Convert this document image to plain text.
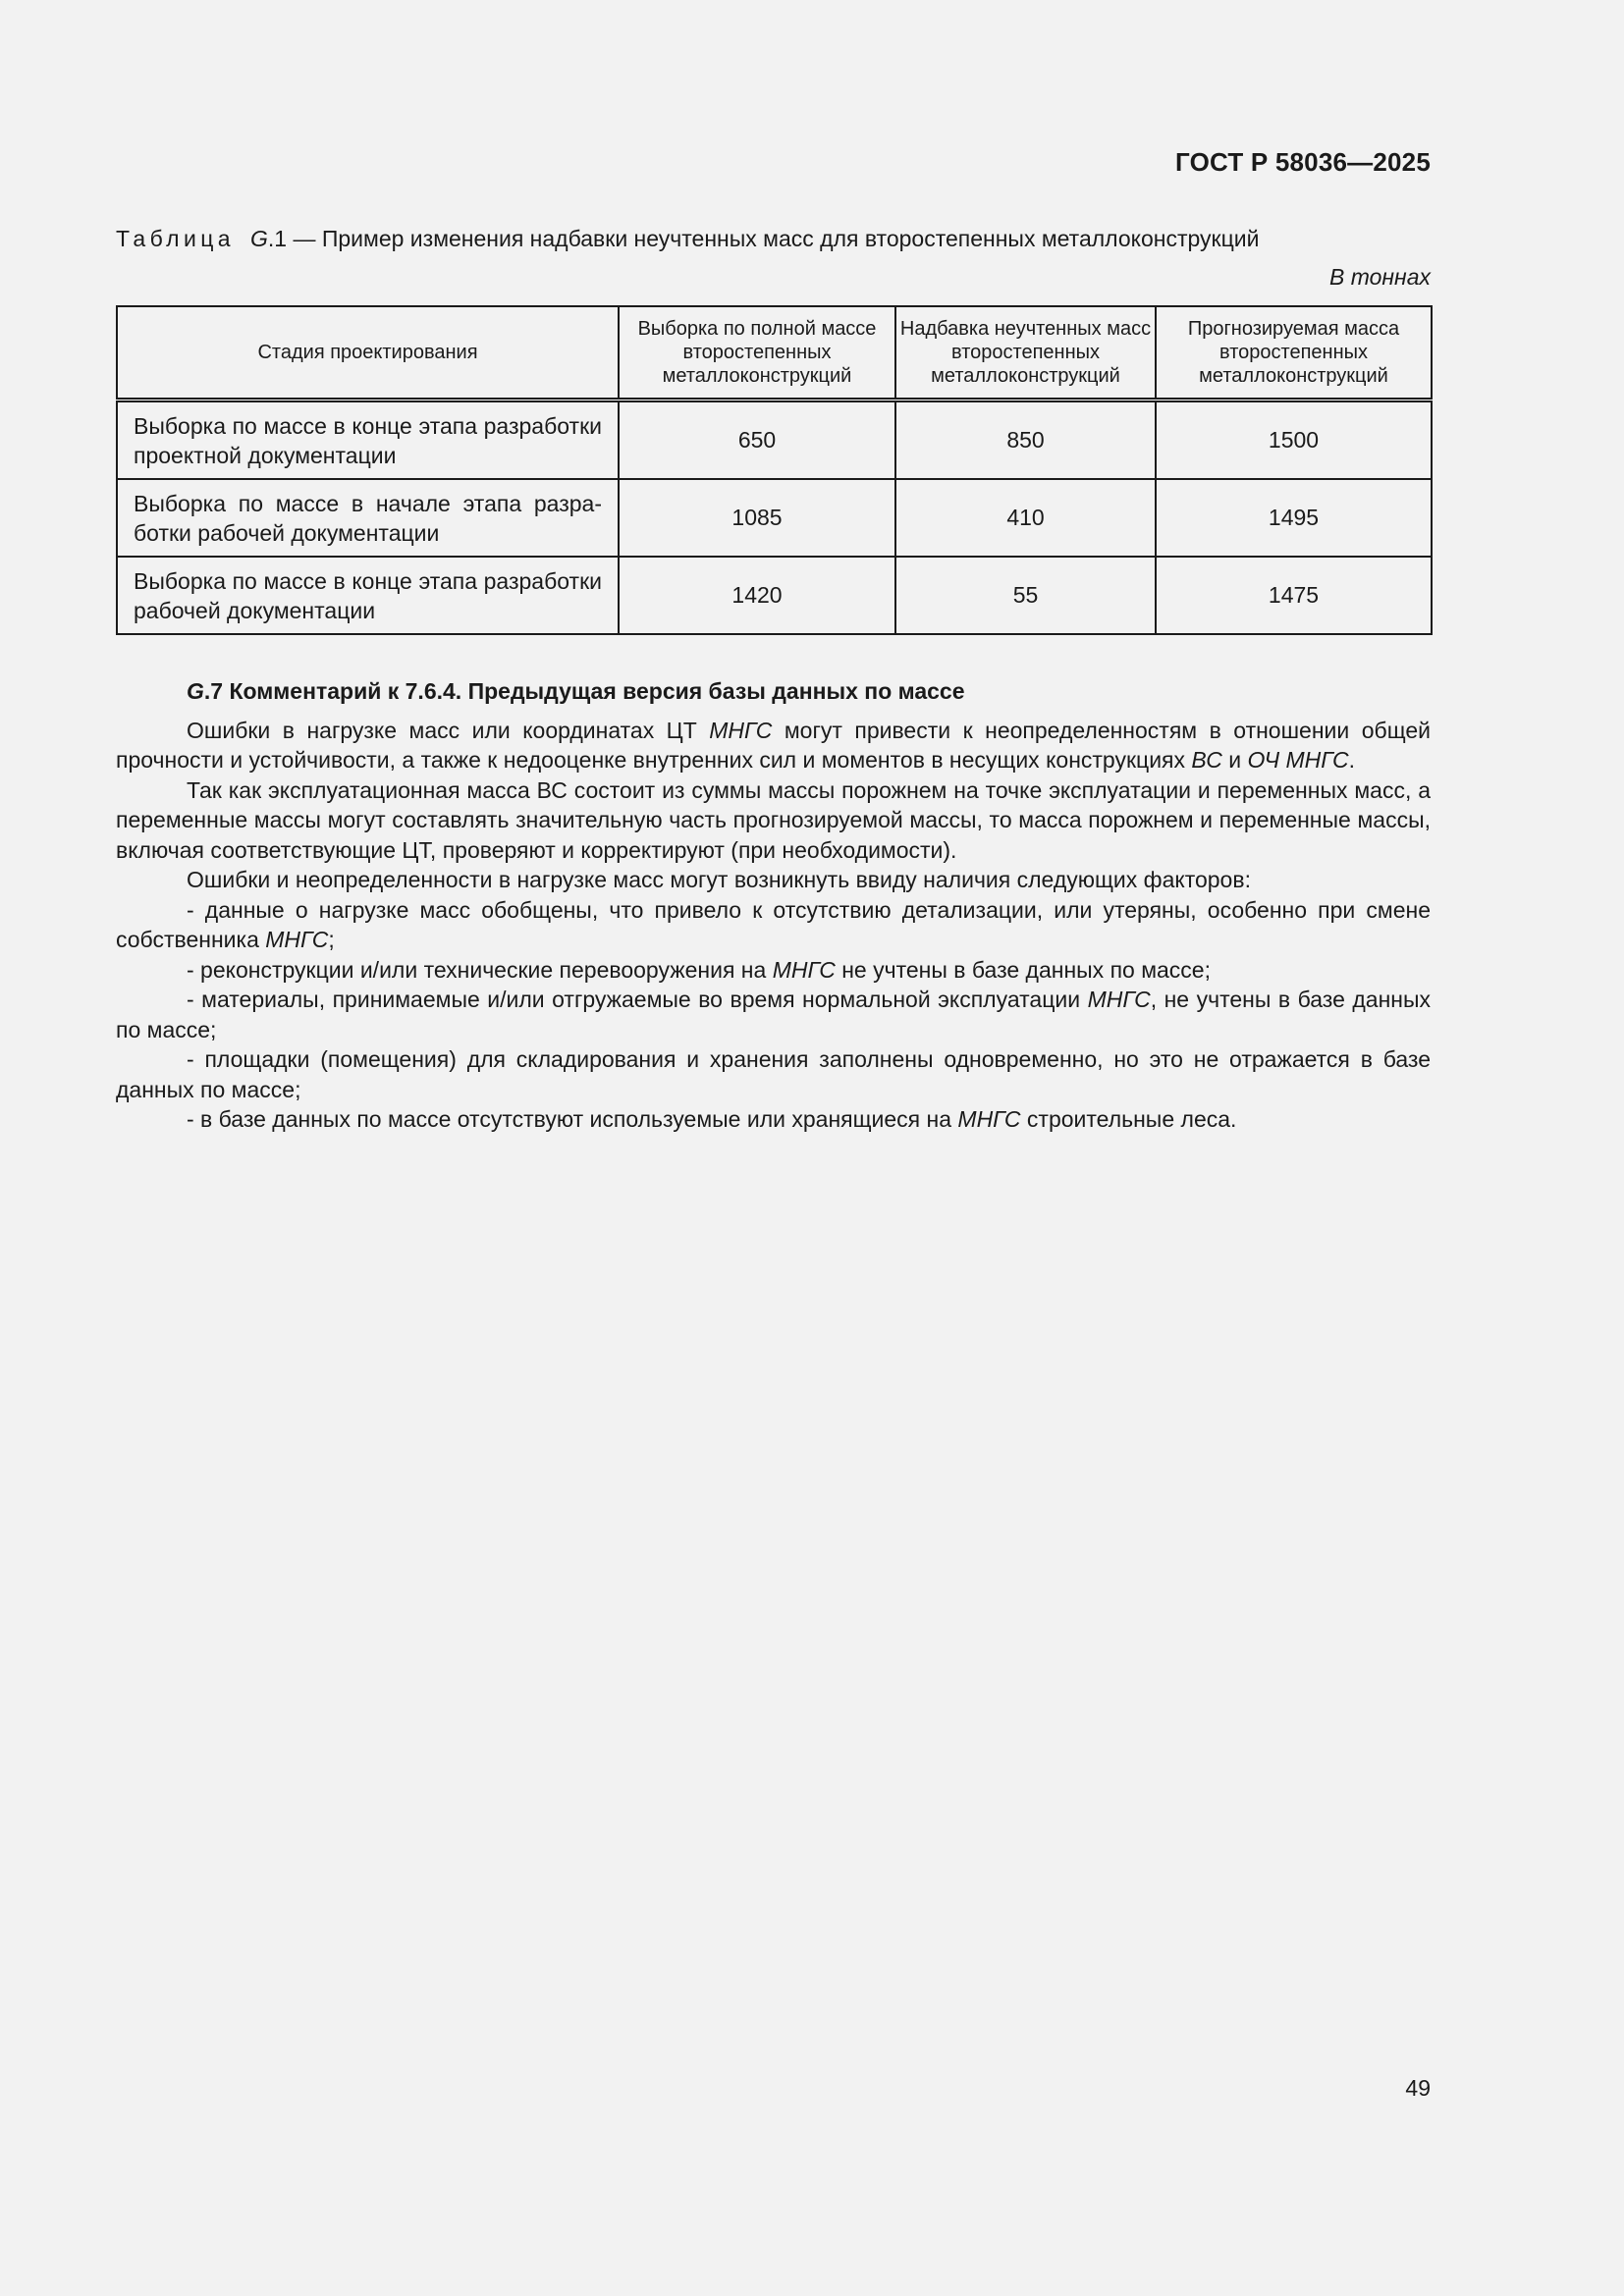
ГОСТ Р 58036—2025
Таблица G.1 — Пример изменения надбавки неучтенных масс для второстепенных металлоконструкций
В тоннах
Стадия проектирования	Выборка по полной массе второстепенных металлоконструкций	Надбавка неучтенных масс второстепенных металлоконструкций	Прогнозируемая масса второстепенных металлоконструкций
Выборка по массе в конце этапа разработки проектной документации	650	850	1500
Выборка по массе в начале этапа разработки рабочей документации	1085	410	1495
Выборка по массе в конце этапа разработки рабочей документации	1420	55	1475

G.7 Комментарий к 7.6.4. Предыдущая версия базы данных по массе

Ошибки в нагрузке масс или координатах ЦТ МНГС могут привести к неопределенностям в отношении общей прочности и устойчивости, а также к недооценке внутренних сил и моментов в несущих конструкциях ВС и ОЧ МНГС.

Так как эксплуатационная масса ВС состоит из суммы массы порожнем на точке эксплуатации и переменных масс, а переменные массы могут составлять значительную часть прогнозируемой массы, то масса порожнем и переменные массы, включая соответствующие ЦТ, проверяют и корректируют (при необходимости).

Ошибки и неопределенности в нагрузке масс могут возникнуть ввиду наличия следующих факторов:

- данные о нагрузке масс обобщены, что привело к отсутствию детализации, или утеряны, особенно при смене собственника МНГС;

- реконструкции и/или технические перевооружения на МНГС не учтены в базе данных по массе;

- материалы, принимаемые и/или отгружаемые во время нормальной эксплуатации МНГС, не учтены в базе данных по массе;

- площадки (помещения) для складирования и хранения заполнены одновременно, но это не отражается в базе данных по массе;

- в базе данных по массе отсутствуют используемые или хранящиеся на МНГС строительные леса.

49
